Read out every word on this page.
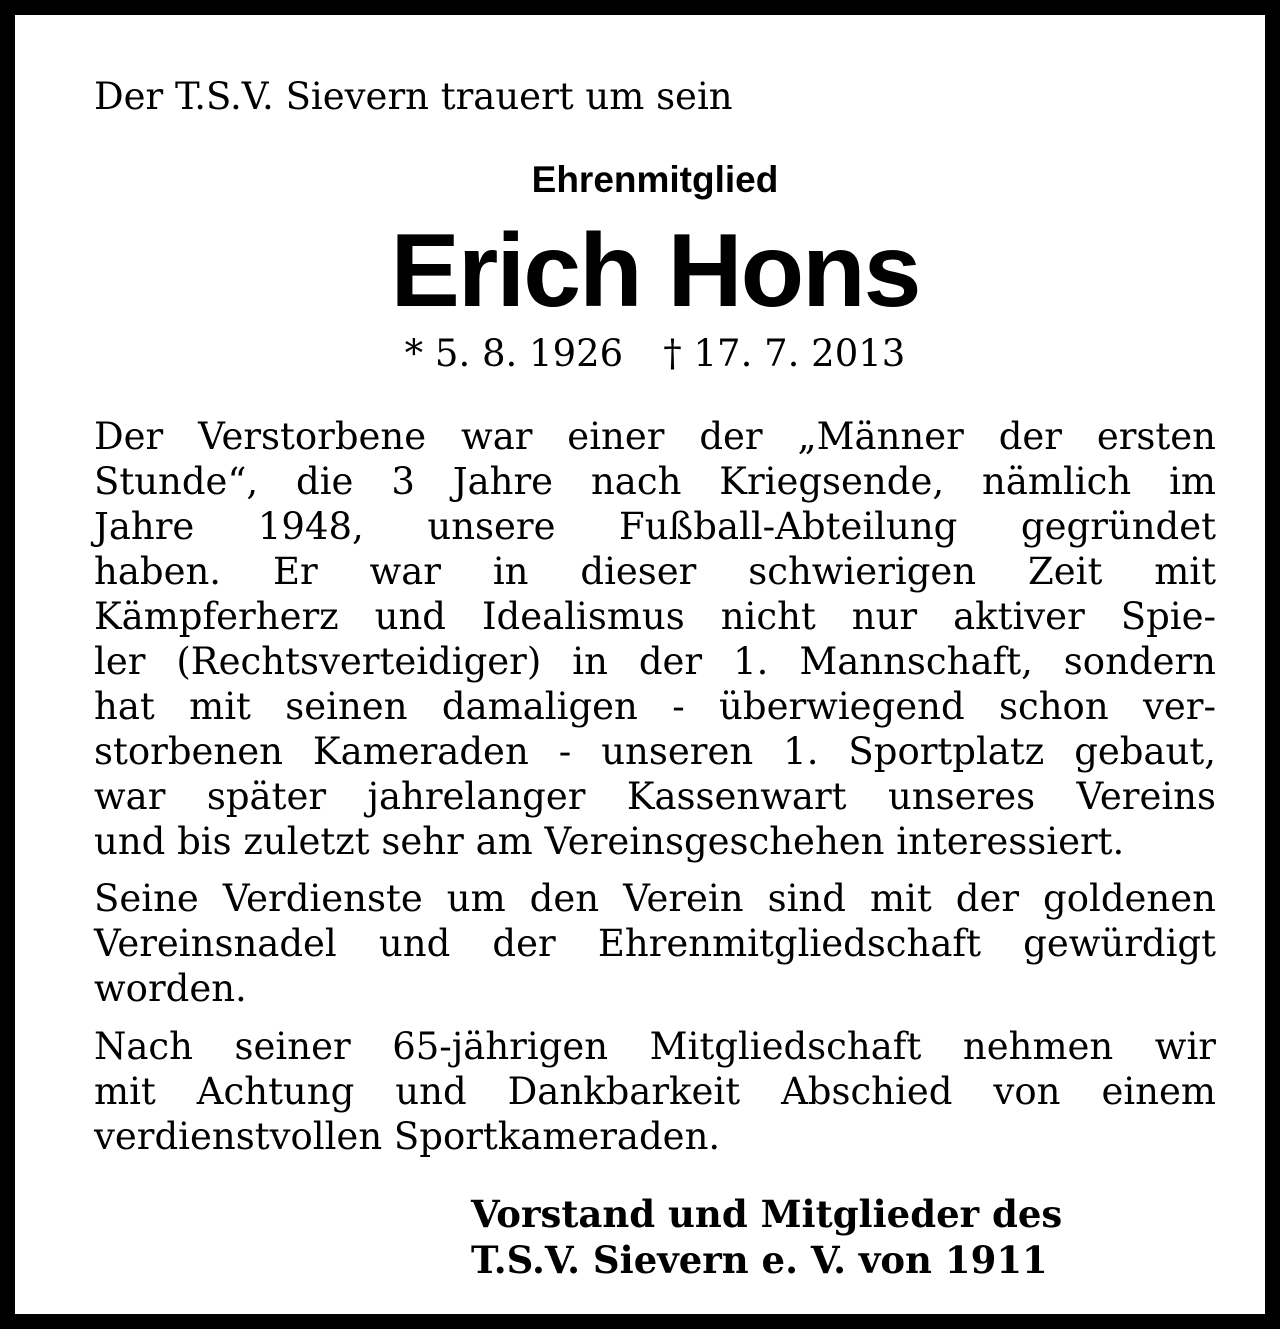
Der T.S.V. Sievern trauert um sein
Ehrenmitglied
Erich Hons
* 5. 8. 1926 † 17. 7. 2013
Der Verstorbene war einer der „Männer der ersten
Stunde“, die 3 Jahre nach Kriegsende, nämlich im
Jahre 1948, unsere Fußball-Abteilung gegründet
haben. Er war in dieser schwierigen Zeit mit
Kämpferherz und Idealismus nicht nur aktiver Spie-
ler (Rechtsverteidiger) in der 1. Mannschaft, sondern
hat mit seinen damaligen - überwiegend schon ver-
storbenen Kameraden - unseren 1. Sportplatz gebaut,
war später jahrelanger Kassenwart unseres Vereins
und bis zuletzt sehr am Vereinsgeschehen interessiert.
Seine Verdienste um den Verein sind mit der goldenen
Vereinsnadel und der Ehrenmitgliedschaft gewürdigt
worden.
Nach seiner 65-jährigen Mitgliedschaft nehmen wir
mit Achtung und Dankbarkeit Abschied von einem
verdienstvollen Sportkameraden.
Vorstand und Mitglieder des
T.S.V. Sievern e. V. von 1911
